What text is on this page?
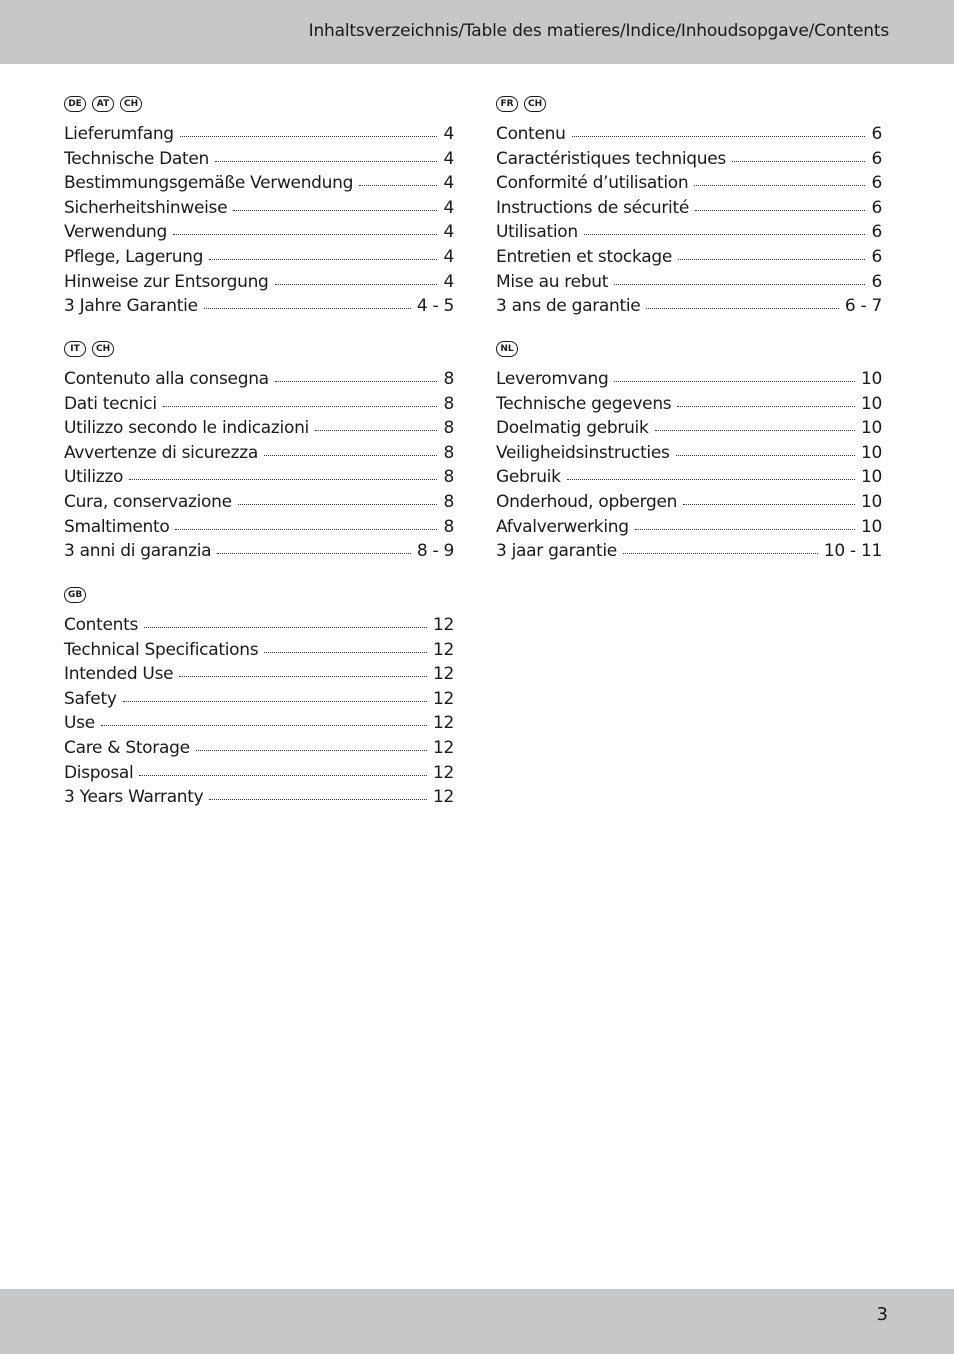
Inhaltsverzeichnis/Table des matieres/Indice/Inhoudsopgave/Contents
DE	AT	CH
Lieferumfang	4
Technische Daten	4
Bestimmungsgemäße Verwendung	4
Sicherheitshinweise	4
Verwendung	4
Pflege, Lagerung	4
Hinweise zur Entsorgung	4
3 Jahre Garantie	4 - 5
FR	CH
Contenu	6
Caractéristiques techniques	6
Conformité d’utilisation	6
Instructions de sécurité	6
Utilisation	6
Entretien et stockage	6
Mise au rebut	6
3 ans de garantie	6 - 7
IT	CH
Contenuto alla consegna	8
Dati tecnici	8
Utilizzo secondo le indicazioni	8
Avvertenze di sicurezza	8
Utilizzo	8
Cura, conservazione	8
Smaltimento	8
3 anni di garanzia	8 - 9
NL
Leveromvang	10
Technische gegevens	10
Doelmatig gebruik	10
Veiligheidsinstructies	10
Gebruik	10
Onderhoud, opbergen	10
Afvalverwerking	10
3 jaar garantie	10 - 11
GB
Contents	12
Technical Specifications	12
Intended Use	12
Safety	12
Use	12
Care & Storage	12
Disposal	12
3 Years Warranty	12
3
